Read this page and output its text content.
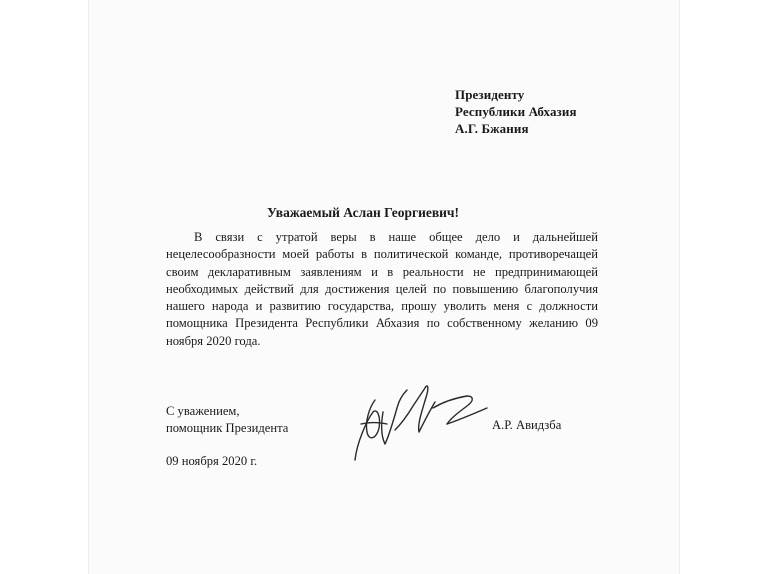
Президенту
Республики Абхазия
А.Г. Бжания
Уважаемый Аслан Георгиевич!

В связи с утратой веры в наше общее дело и дальнейшей нецелесообразности моей работы в политической команде, противоречащей своим декларативным заявлениям и в реальности не предпринимающей необходимых действий для достижения целей по повышению благополучия нашего народа и развитию государства, прошу уволить меня с должности помощника Президента Республики Абхазия по собственному желанию 09 ноября 2020 года.

С уважением,
помощник Президента	А.Р. Авидзба
09 ноября 2020 г.
